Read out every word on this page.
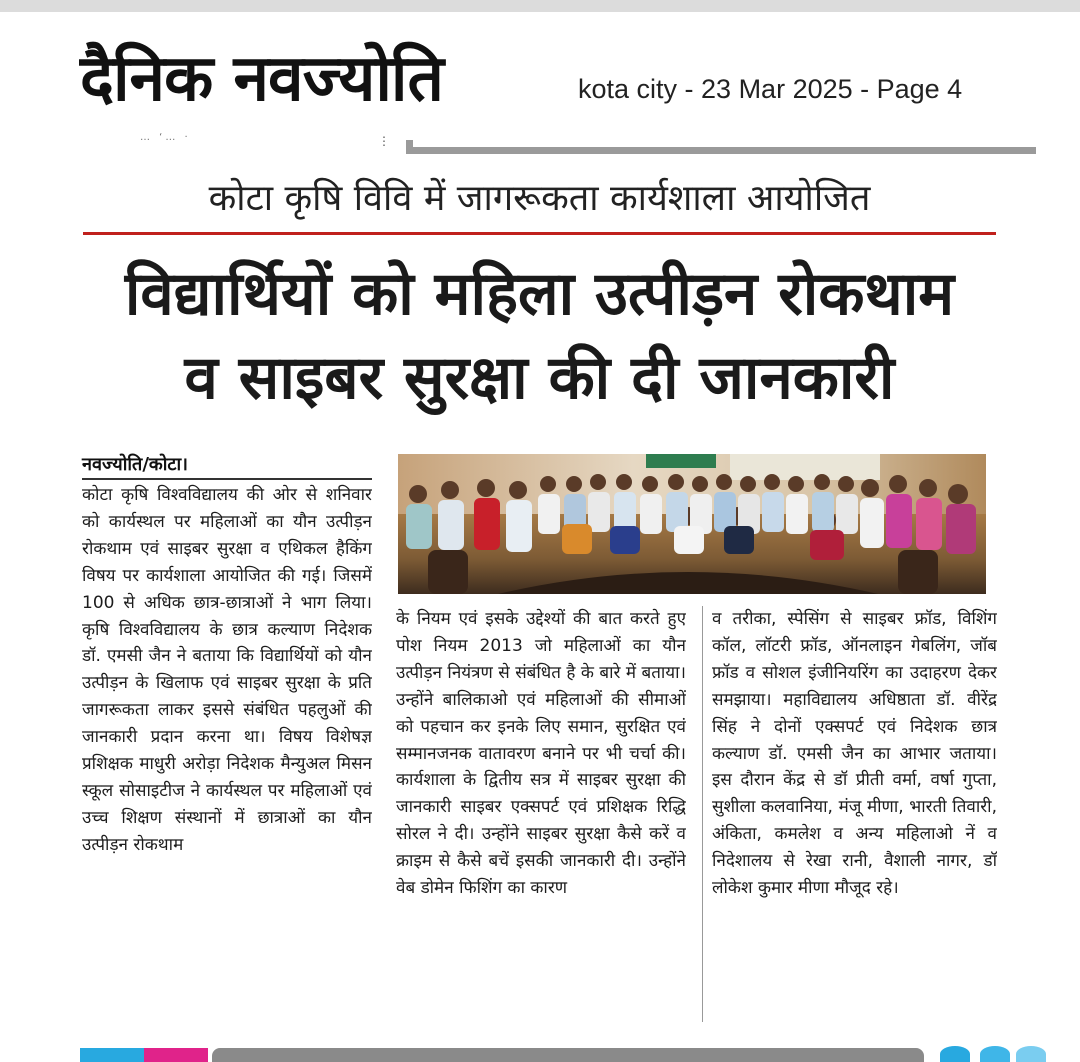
दैनिक नवज्योति	kota city - 23 Mar 2025 - Page 4
… ‘… ·	⋮
कोटा कृषि विवि में जागरूकता कार्यशाला आयोजित
विद्यार्थियों को महिला उत्पीड़न रोकथाम
व साइबर सुरक्षा की दी जानकारी
नवज्योति/कोटा।
कोटा कृषि विश्वविद्यालय की ओर से शनिवार को कार्यस्थल पर महिलाओं का यौन उत्पीड़न रोकथाम एवं साइबर सुरक्षा व एथिकल हैकिंग विषय पर कार्यशाला आयोजित की गई। जिसमें 100 से अधिक छात्र-छात्राओं ने भाग लिया। कृषि विश्वविद्यालय के छात्र कल्याण निदेशक डॉ. एमसी जैन ने बताया कि विद्यार्थियों को यौन उत्पीड़न के खिलाफ एवं साइबर सुरक्षा के प्रति जागरूकता लाकर इससे संबंधित पहलुओं की जानकारी प्रदान करना था। विषय विशेषज्ञ प्रशिक्षक माधुरी अरोड़ा निदेशक मैन्युअल मिसन स्कूल सोसाइटीज ने कार्यस्थल पर महिलाओं एवं उच्च शिक्षण संस्थानों में छात्राओं का यौन उत्पीड़न रोकथाम
के नियम एवं इसके उद्देश्यों की बात करते हुए पोश नियम 2013 जो महिलाओं का यौन उत्पीड़न नियंत्रण से संबंधित है के बारे में बताया। उन्होंने बालिकाओ एवं महिलाओं की सीमाओं को पहचान कर इनके लिए समान, सुरक्षित एवं सम्मानजनक वातावरण बनाने पर भी चर्चा की। कार्यशाला के द्वितीय सत्र में साइबर सुरक्षा की जानकारी साइबर एक्सपर्ट एवं प्रशिक्षक रिद्धि सोरल ने दी। उन्होंने साइबर सुरक्षा कैसे करें व क्राइम से कैसे बचें इसकी जानकारी दी। उन्होंने वेब डोमेन फिशिंग का कारण
व तरीका, स्पेसिंग से साइबर फ्रॉड, विशिंग कॉल, लॉटरी फ्रॉड, ऑनलाइन गेबलिंग, जॉब फ्रॉड व सोशल इंजीनियरिंग का उदाहरण देकर समझाया। महाविद्यालय अधिष्ठाता डॉ. वीरेंद्र सिंह ने दोनों एक्सपर्ट एवं निदेशक छात्र कल्याण डॉ. एमसी जैन का आभार जताया। इस दौरान केंद्र से डॉ प्रीती वर्मा, वर्षा गुप्ता, सुशीला कलवानिया, मंजू मीणा, भारती तिवारी, अंकिता, कमलेश व अन्य महिलाओ नें व निदेशालय से रेखा रानी, वैशाली नागर, डॉ लोकेश कुमार मीणा मौजूद रहे।
